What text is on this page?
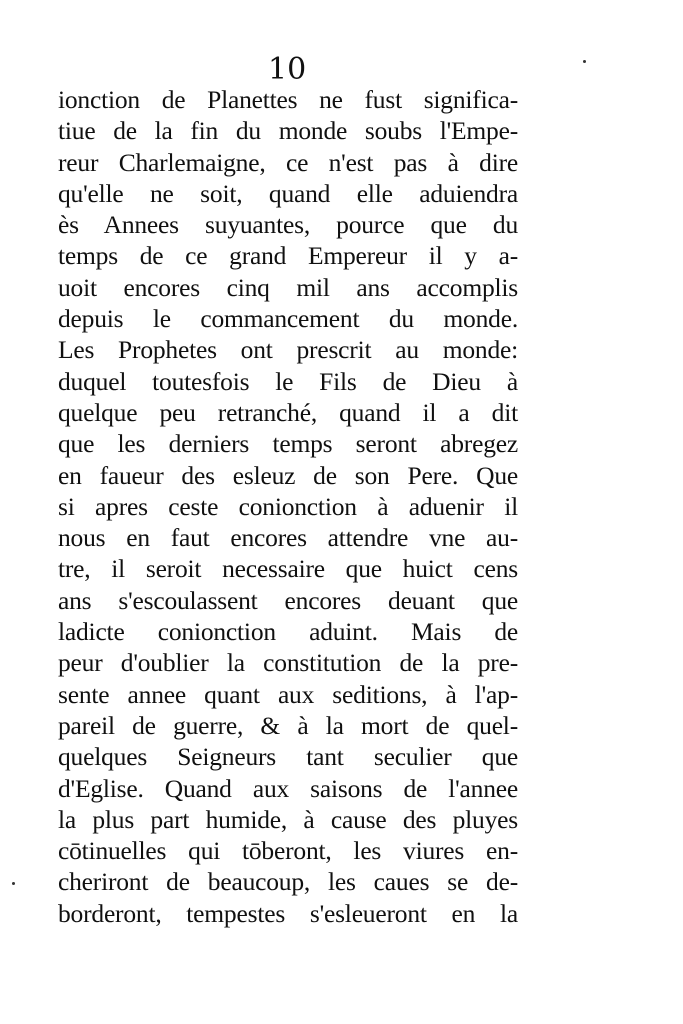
10
ionction de Planettes ne fust significa-
tiue de la fin du monde soubs l'Empe-
reur Charlemaigne, ce n'est pas à dire
qu'elle ne soit, quand elle aduiendra
ès Annees suyuantes, pource que du
temps de ce grand Empereur il y a-
uoit encores cinq mil ans accomplis
depuis le commancement du monde.
Les Prophetes ont prescrit au monde:
duquel toutesfois le Fils de Dieu à
quelque peu retranché, quand il a dit
que les derniers temps seront abregez
en faueur des esleuz de son Pere. Que
si apres ceste conionction à aduenir il
nous en faut encores attendre vne au-
tre, il seroit necessaire que huict cens
ans s'escoulassent encores deuant que
ladicte conionction aduint. Mais de
peur d'oublier la constitution de la pre-
sente annee quant aux seditions, à l'ap-
pareil de guerre, & à la mort de quel-
quelques Seigneurs tant seculier que
d'Eglise. Quand aux saisons de l'annee
la plus part humide, à cause des pluyes
cōtinuelles qui tōberont, les viures en-
cheriront de beaucoup, les caues se de-
borderont, tempestes s'esleueront en la
